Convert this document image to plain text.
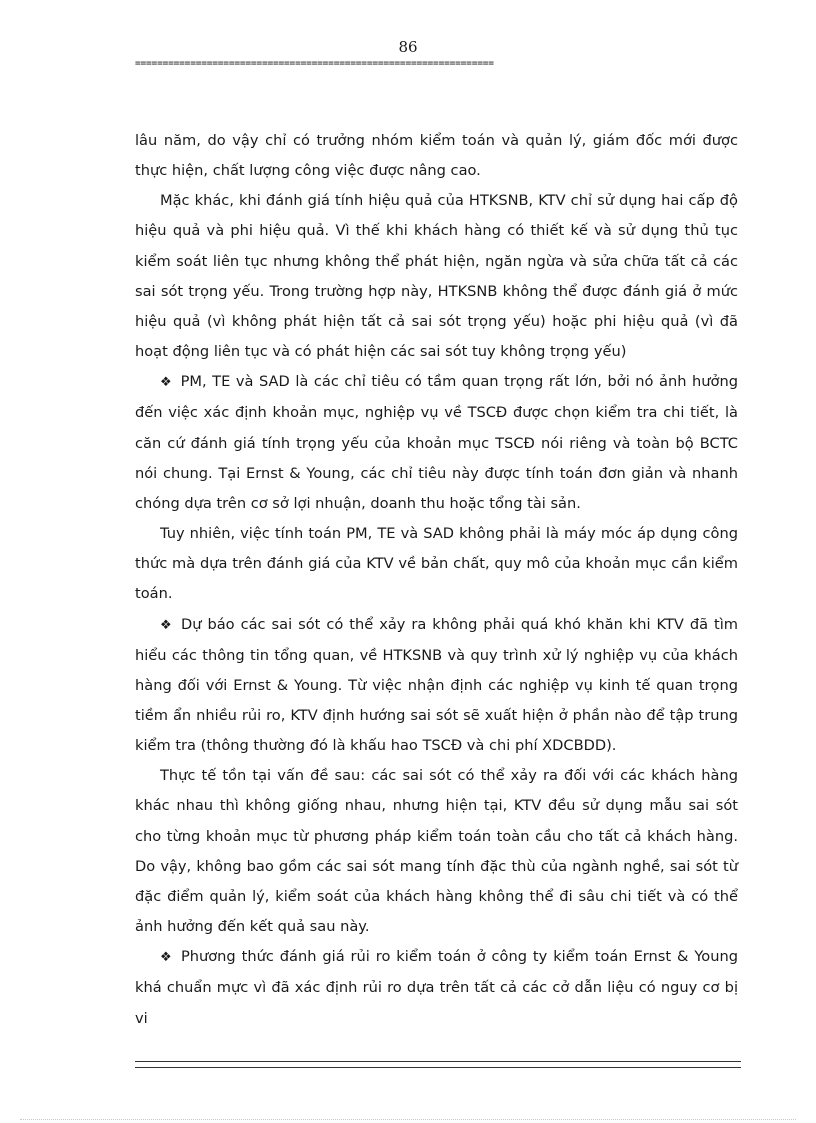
86
=================================================================

lâu năm, do vậy chỉ có trưởng nhóm kiểm toán và quản lý, giám đốc mới được thực hiện, chất lượng công việc được nâng cao.

Mặc khác, khi đánh giá tính hiệu quả của HTKSNB, KTV chỉ sử dụng hai cấp độ hiệu quả và phi hiệu quả. Vì thế khi khách hàng có thiết kế và sử dụng thủ tục kiểm soát liên tục nhưng không thể phát hiện, ngăn ngừa và sửa chữa tất cả các sai sót trọng yếu. Trong trường hợp này, HTKSNB không thể được đánh giá ở mức hiệu quả (vì không phát hiện tất cả sai sót trọng yếu) hoặc phi hiệu quả (vì đã hoạt động liên tục và có phát hiện các sai sót tuy không trọng yếu)

❖ PM, TE và SAD là các chỉ tiêu có tầm quan trọng rất lớn, bởi nó ảnh hưởng đến việc xác định khoản mục, nghiệp vụ về TSCĐ được chọn kiểm tra chi tiết, là căn cứ đánh giá tính trọng yếu của khoản mục TSCĐ nói riêng và toàn bộ BCTC nói chung. Tại Ernst & Young, các chỉ tiêu này được tính toán đơn giản và nhanh chóng dựa trên cơ sở lợi nhuận, doanh thu hoặc tổng tài sản.

Tuy nhiên, việc tính toán PM, TE và SAD không phải là máy móc áp dụng công thức mà dựa trên đánh giá của KTV về bản chất, quy mô của khoản mục cần kiểm toán.

❖ Dự báo các sai sót có thể xảy ra không phải quá khó khăn khi KTV đã tìm hiểu các thông tin tổng quan, về HTKSNB và quy trình xử lý nghiệp vụ của khách hàng đối với Ernst & Young. Từ việc nhận định các nghiệp vụ kinh tế quan trọng tiềm ẩn nhiều rủi ro, KTV định hướng sai sót sẽ xuất hiện ở phần nào để tập trung kiểm tra (thông thường đó là khấu hao TSCĐ và chi phí XDCBDD).

Thực tế tồn tại vấn đề sau: các sai sót có thể xảy ra đối với các khách hàng khác nhau thì không giống nhau, nhưng hiện tại, KTV đều sử dụng mẫu sai sót cho từng khoản mục từ phương pháp kiểm toán toàn cầu cho tất cả khách hàng. Do vậy, không bao gồm các sai sót mang tính đặc thù của ngành nghề, sai sót từ đặc điểm quản lý, kiểm soát của khách hàng không thể đi sâu chi tiết và có thể ảnh hưởng đến kết quả sau này.

❖ Phương thức đánh giá rủi ro kiểm toán ở công ty kiểm toán Ernst & Young khá chuẩn mực vì đã xác định rủi ro dựa trên tất cả các cở dẫn liệu có nguy cơ bị vi
